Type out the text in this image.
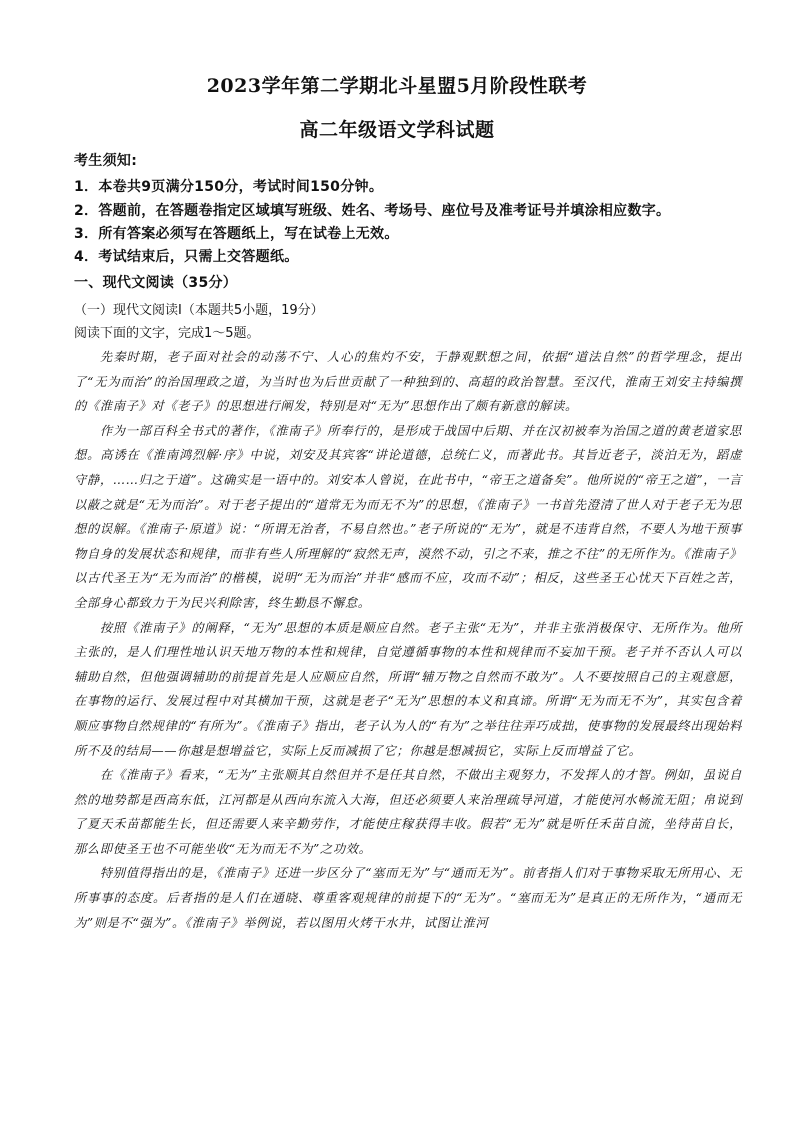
2023学年第二学期北斗星盟5月阶段性联考
高二年级语文学科试题
考生须知:
1．本卷共9页满分150分，考试时间150分钟。
2．答题前，在答题卷指定区域填写班级、姓名、考场号、座位号及准考证号并填涂相应数字。
3．所有答案必须写在答题纸上，写在试卷上无效。
4．考试结束后，只需上交答题纸。
一、现代文阅读（35分）
（一）现代文阅读Ⅰ（本题共5小题，19分）
阅读下面的文字，完成1～5题。

先秦时期，老子面对社会的动荡不宁、人心的焦灼不安，于静观默想之间，依据“道法自然”的哲学理念，提出了“无为而治”的治国理政之道，为当时也为后世贡献了一种独到的、高超的政治智慧。至汉代，淮南王刘安主持编撰的《淮南子》对《老子》的思想进行阐发，特别是对“无为”思想作出了颇有新意的解读。

作为一部百科全书式的著作，《淮南子》所奉行的，是形成于战国中后期、并在汉初被奉为治国之道的黄老道家思想。高诱在《淮南鸿烈解·序》中说，刘安及其宾客“讲论道德，总统仁义，而著此书。其旨近老子，淡泊无为，蹈虚守静，……归之于道”。这确实是一语中的。刘安本人曾说，在此书中，“帝王之道备矣”。他所说的“帝王之道”，一言以蔽之就是“无为而治”。对于老子提出的“道常无为而无不为”的思想，《淮南子》一书首先澄清了世人对于老子无为思想的误解。《淮南子·原道》说：“所谓无治者，不易自然也。”老子所说的“无为”，就是不违背自然，不要人为地干预事物自身的发展状态和规律，而非有些人所理解的“寂然无声，漠然不动，引之不来，推之不往”的无所作为。《淮南子》以古代圣王为“无为而治”的楷模，说明“无为而治”并非“感而不应，攻而不动”；相反，这些圣王心忧天下百姓之苦，全部身心都致力于为民兴利除害，终生勤恳不懈怠。

按照《淮南子》的阐释，“无为”思想的本质是顺应自然。老子主张“无为”，并非主张消极保守、无所作为。他所主张的，是人们理性地认识天地万物的本性和规律，自觉遵循事物的本性和规律而不妄加干预。老子并不否认人可以辅助自然，但他强调辅助的前提首先是人应顺应自然，所谓“辅万物之自然而不敢为”。人不要按照自己的主观意愿，在事物的运行、发展过程中对其横加干预，这就是老子“无为”思想的本义和真谛。所谓“无为而无不为”，其实包含着顺应事物自然规律的“有所为”。《淮南子》指出，老子认为人的“有为”之举往往弄巧成拙，使事物的发展最终出现始料所不及的结局——你越是想增益它，实际上反而减损了它；你越是想减损它，实际上反而增益了它。

在《淮南子》看来，“无为”主张顺其自然但并不是任其自然，不做出主观努力，不发挥人的才智。例如，虽说自然的地势都是西高东低，江河都是从西向东流入大海，但还必须要人来治理疏导河道，才能使河水畅流无阻；帛说到了夏天禾苗都能生长，但还需要人来辛勤劳作，才能使庄稼获得丰收。假若“无为”就是听任禾苗自流，坐待苗自长，那么即使圣王也不可能坐收“无为而无不为”之功效。

特别值得指出的是，《淮南子》还进一步区分了“塞而无为”与“通而无为”。前者指人们对于事物采取无所用心、无所事事的态度。后者指的是人们在通晓、尊重客观规律的前提下的“无为”。“塞而无为”是真正的无所作为，“通而无为”则是不“强为”。《淮南子》举例说，若以图用火烤干水井，试图让淮河
